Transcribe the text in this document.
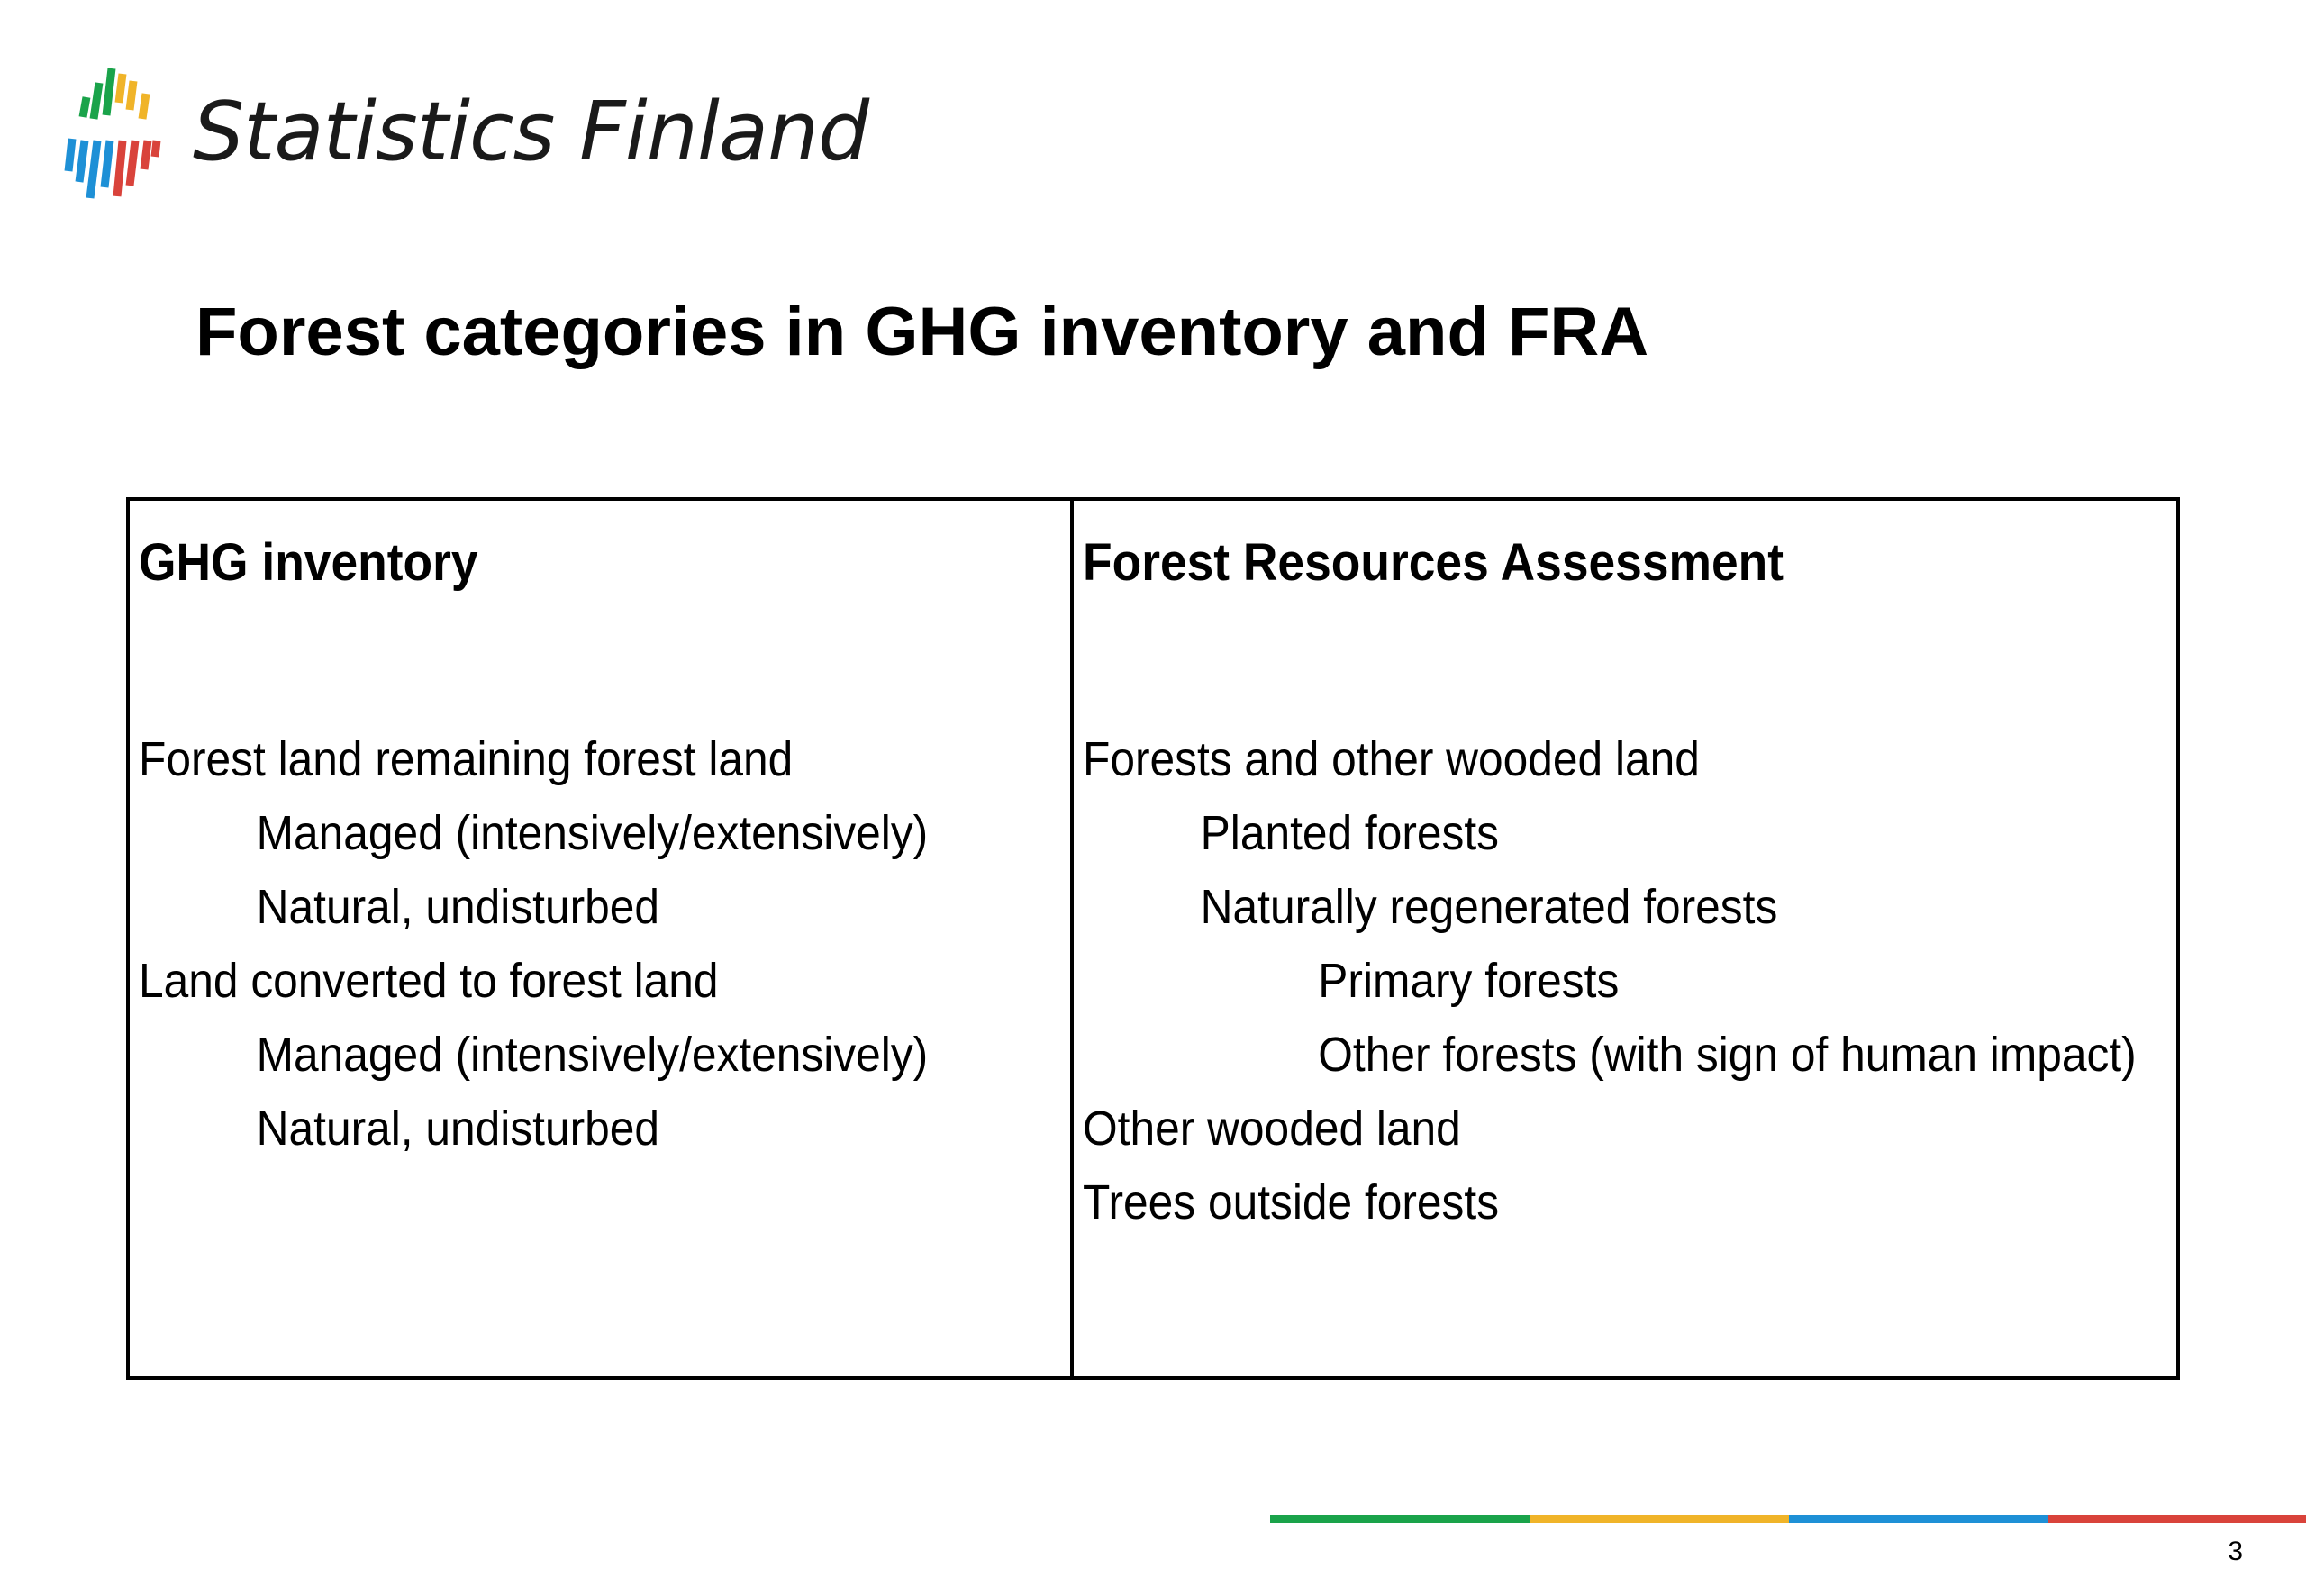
Statistics Finland
Forest categories in GHG inventory and FRA
GHG inventory
Forest land remaining forest land
Managed (intensively/extensively)
Natural, undisturbed
Land converted to forest land
Managed (intensively/extensively)
Natural, undisturbed
Forest Resources Assessment
Forests and other wooded land
Planted forests
Naturally regenerated forests
Primary forests
Other forests (with sign of human impact)
Other wooded land
Trees outside forests
3
